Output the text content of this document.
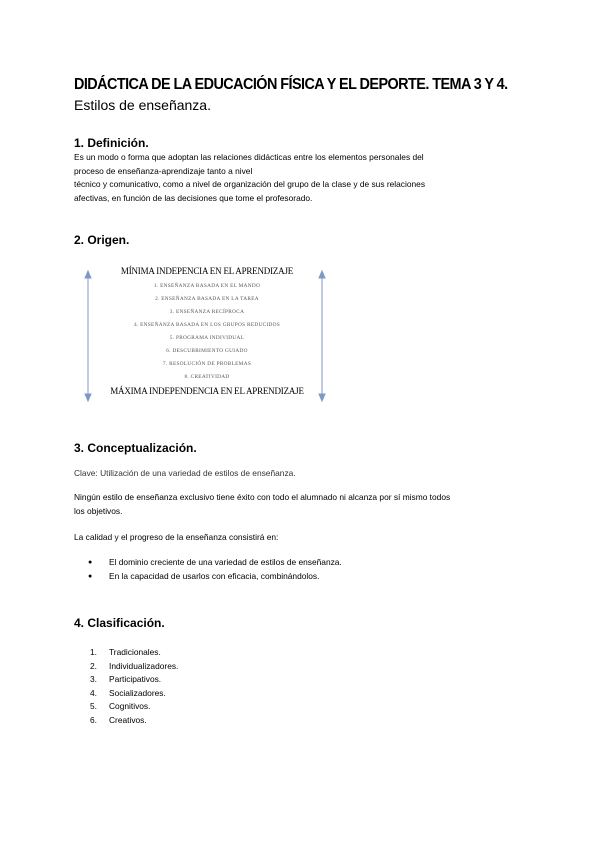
DIDÁCTICA DE LA EDUCACIÓN FÍSICA Y EL DEPORTE. TEMA 3 Y 4.
Estilos de enseñanza.
1. Definición.
Es un modo o forma que adoptan las relaciones didácticas entre los elementos personales del
proceso de enseñanza-aprendizaje tanto a nivel
técnico y comunicativo, como a nivel de organización del grupo de la clase y de sus relaciones
afectivas, en función de las decisiones que tome el profesorado.
2. Origen.
MÍNIMA INDEPENCIA EN EL APRENDIZAJE
1. ENSEÑANZA BASADA EN EL MANDO
2. ENSEÑANZA BASADA EN LA TAREA
3. ENSEÑANZA RECÍPROCA
4. ENSEÑANZA BASADA EN LOS GRUPOS REDUCIDOS
5. PROGRAMA INDIVIDUAL
6. DESCUBRIMIENTO GUIADO
7. RESOLUCIÓN DE PROBLEMAS
8. CREATIVIDAD
MÁXIMA INDEPENDENCIA EN EL APRENDIZAJE
3. Conceptualización.
Clave: Utilización de una variedad de estilos de enseñanza.
Ningún estilo de enseñanza exclusivo tiene éxito con todo el alumnado ni alcanza por sí mismo todos
los objetivos.
La calidad y el progreso de la enseñanza consistirá en:
● El dominio creciente de una variedad de estilos de enseñanza.
● En la capacidad de usarlos con eficacia, combinándolos.
4. Clasificación.
1. Tradicionales.
2. Individualizadores.
3. Participativos.
4. Socializadores.
5. Cognitivos.
6. Creativos.
